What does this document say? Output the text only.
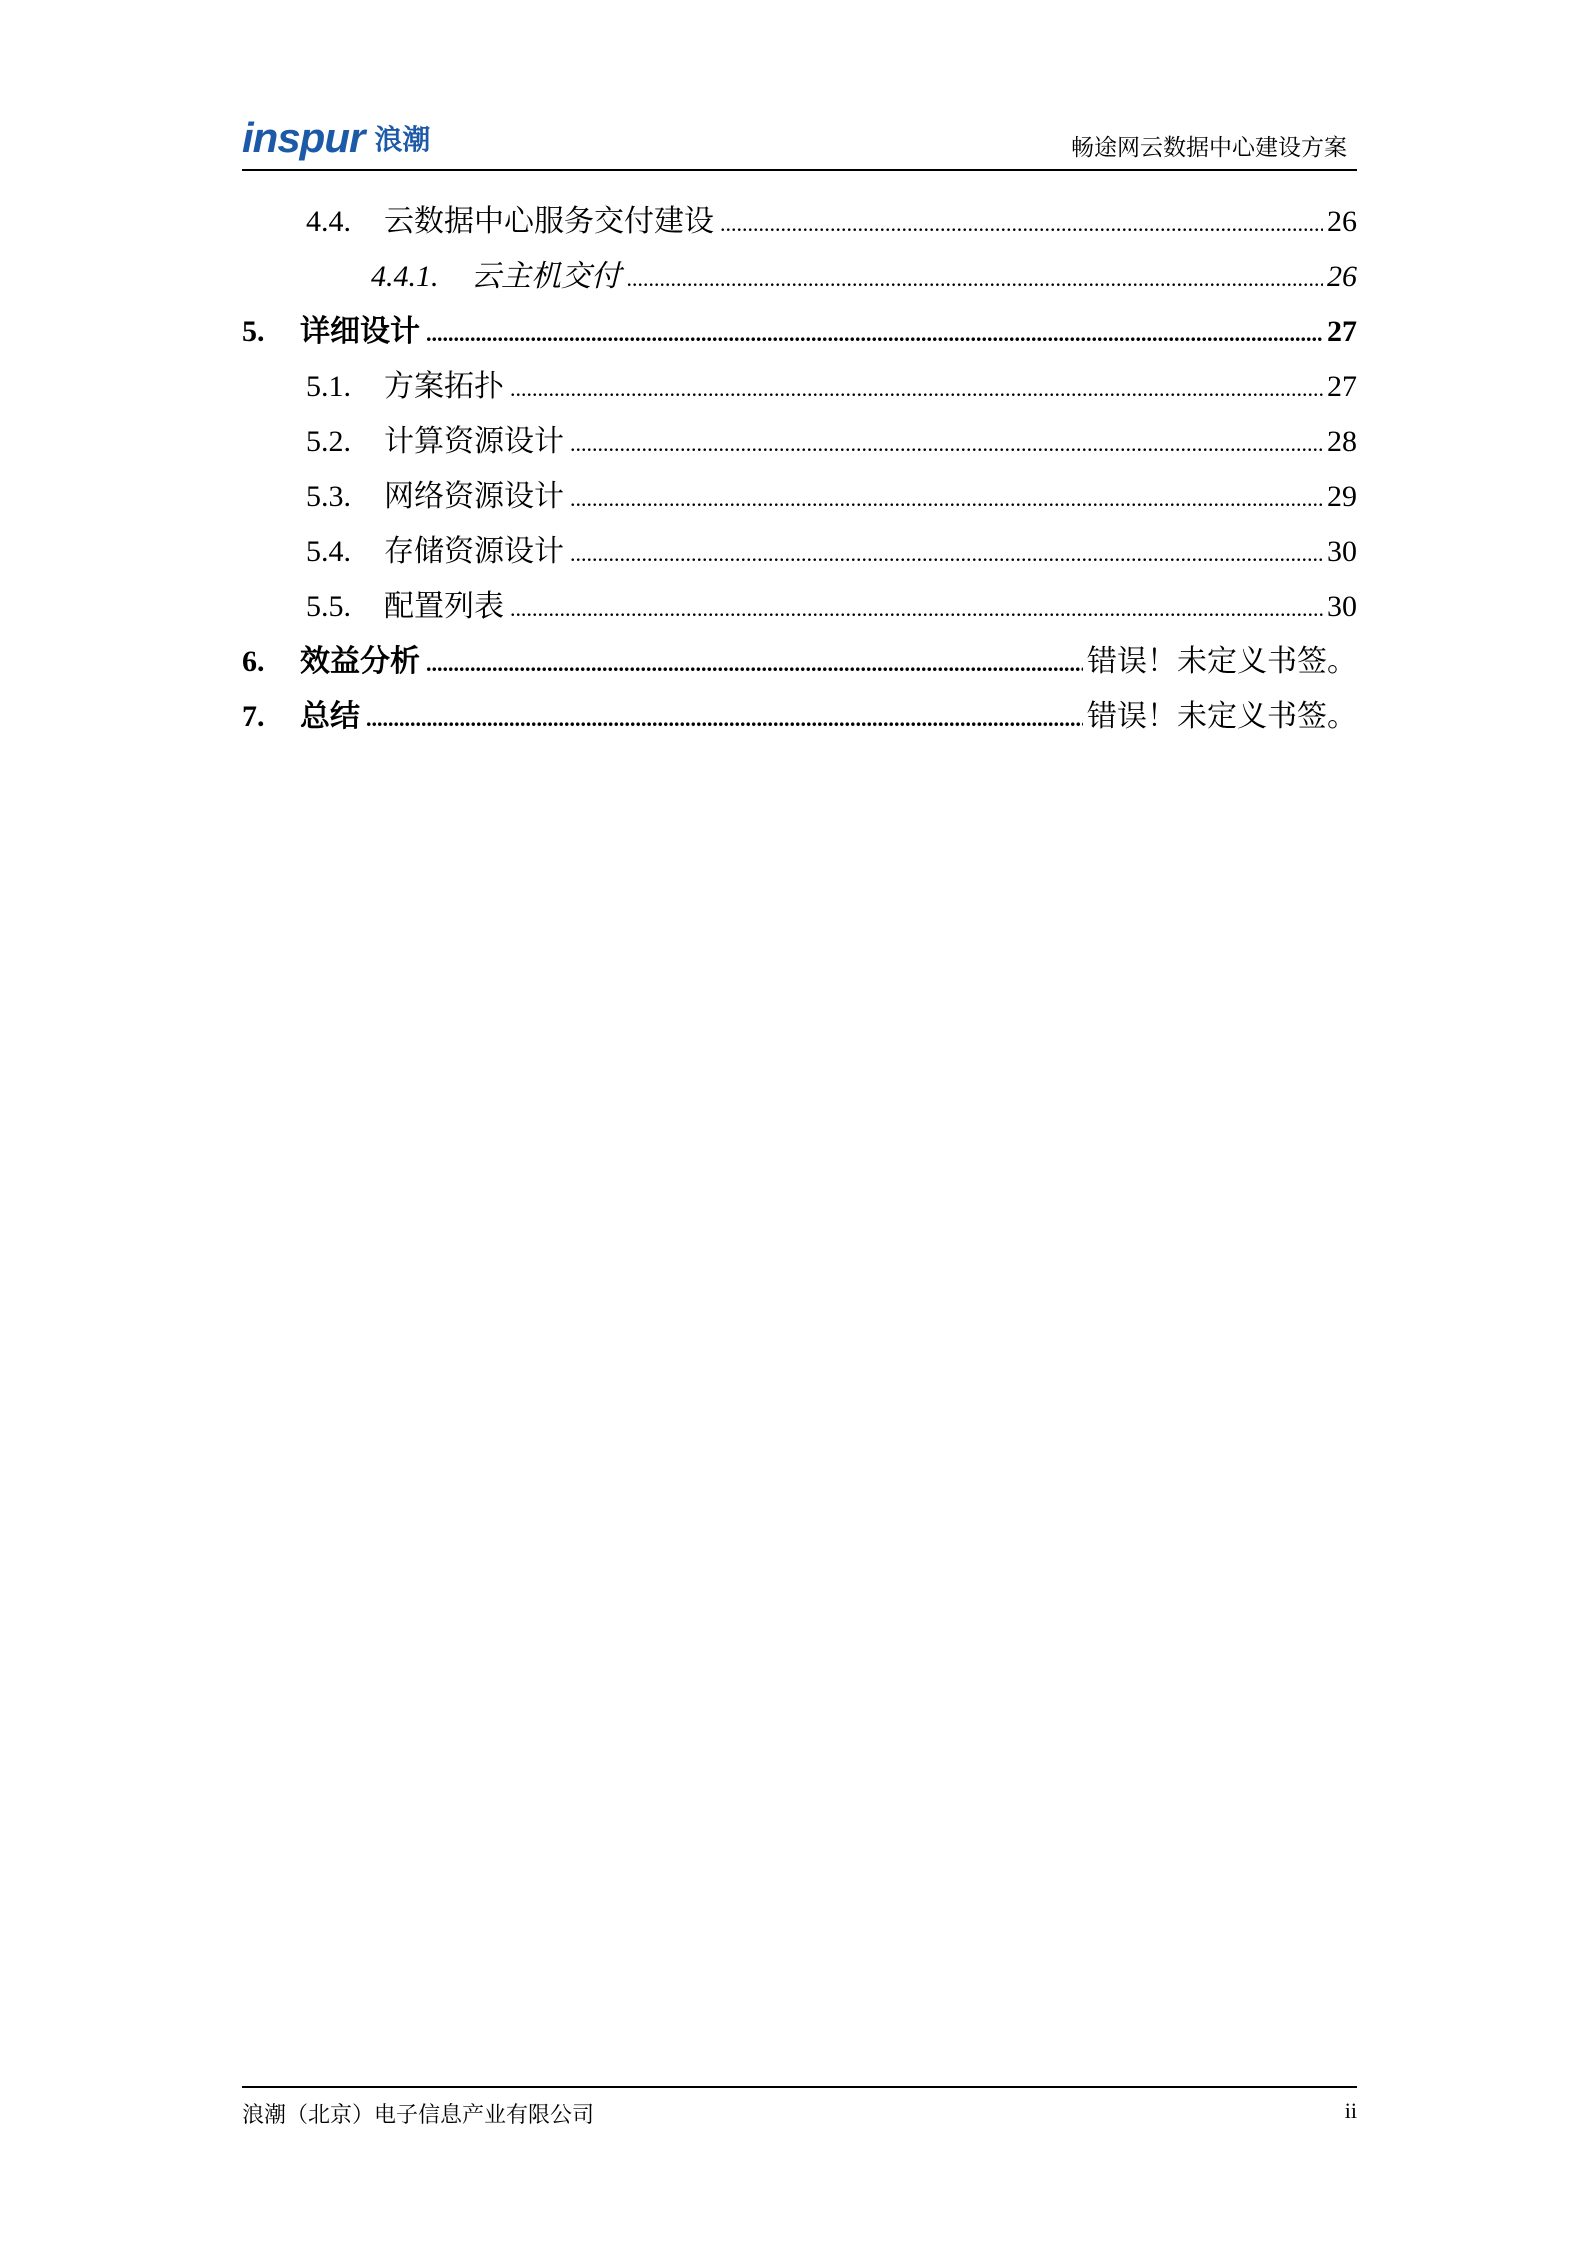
inspur 浪潮	畅途网云数据中心建设方案
4.4.	云数据中心服务交付建设 .....	26
4.4.1.	云主机交付 .....	26
5.	详细设计 .....	27
5.1.	方案拓扑 .....	27
5.2.	计算资源设计 .....	28
5.3.	网络资源设计 .....	29
5.4.	存储资源设计 .....	30
5.5.	配置列表 .....	30
6.	效益分析 .....	错误！未定义书签。
7.	总结 .....	错误！未定义书签。
浪潮（北京）电子信息产业有限公司	ii
